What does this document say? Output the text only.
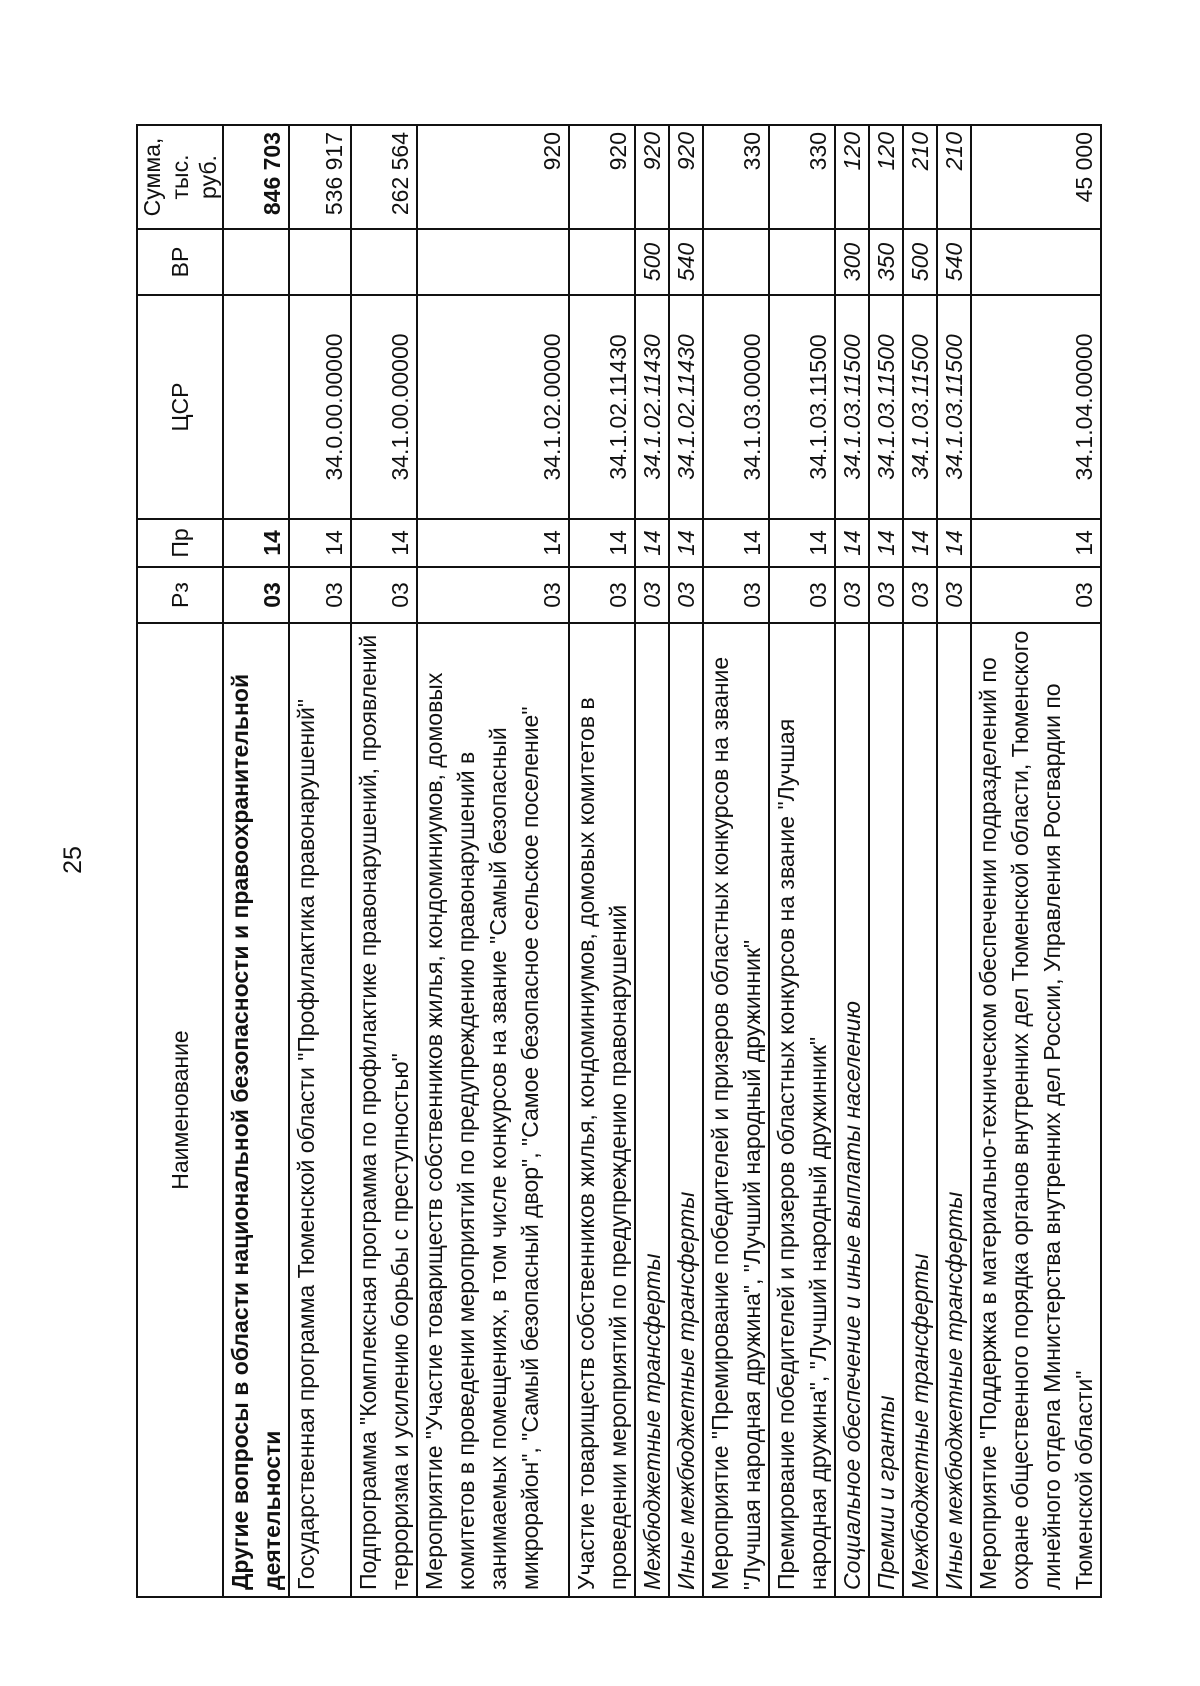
25
Наименование	Рз	Пр	ЦСР	ВР	Сумма, тыс. руб.
Другие вопросы в области национальной безопасности и правоохранительной деятельности	03	14			846 703
Государственная программа Тюменской области "Профилактика правонарушений"	03	14	34.0.00.00000		536 917
Подпрограмма "Комплексная программа по профилактике правонарушений, проявлений терроризма и усилению борьбы с преступностью"	03	14	34.1.00.00000		262 564
Мероприятие "Участие товариществ собственников жилья, кондоминиумов, домовых комитетов в проведении мероприятий по предупреждению правонарушений в занимаемых помещениях, в том числе конкурсов на звание "Самый безопасный микрорайон", "Самый безопасный двор", "Самое безопасное сельское поселение"	03	14	34.1.02.00000		920
Участие товариществ собственников жилья, кондоминиумов, домовых комитетов в проведении мероприятий по предупреждению правонарушений	03	14	34.1.02.11430		920
Межбюджетные трансферты	03	14	34.1.02.11430	500	920
Иные межбюджетные трансферты	03	14	34.1.02.11430	540	920
Мероприятие "Премирование победителей и призеров областных конкурсов на звание "Лучшая народная дружина", "Лучший народный дружинник"	03	14	34.1.03.00000		330
Премирование победителей и призеров областных конкурсов на звание "Лучшая народная дружина", "Лучший народный дружинник"	03	14	34.1.03.11500		330
Социальное обеспечение и иные выплаты населению	03	14	34.1.03.11500	300	120
Премии и гранты	03	14	34.1.03.11500	350	120
Межбюджетные трансферты	03	14	34.1.03.11500	500	210
Иные межбюджетные трансферты	03	14	34.1.03.11500	540	210
Мероприятие "Поддержка в материально-техническом обеспечении подразделений по охране общественного порядка органов внутренних дел Тюменской области, Тюменского линейного отдела Министерства внутренних дел России, Управления Росгвардии по Тюменской области"	03	14	34.1.04.00000		45 000
